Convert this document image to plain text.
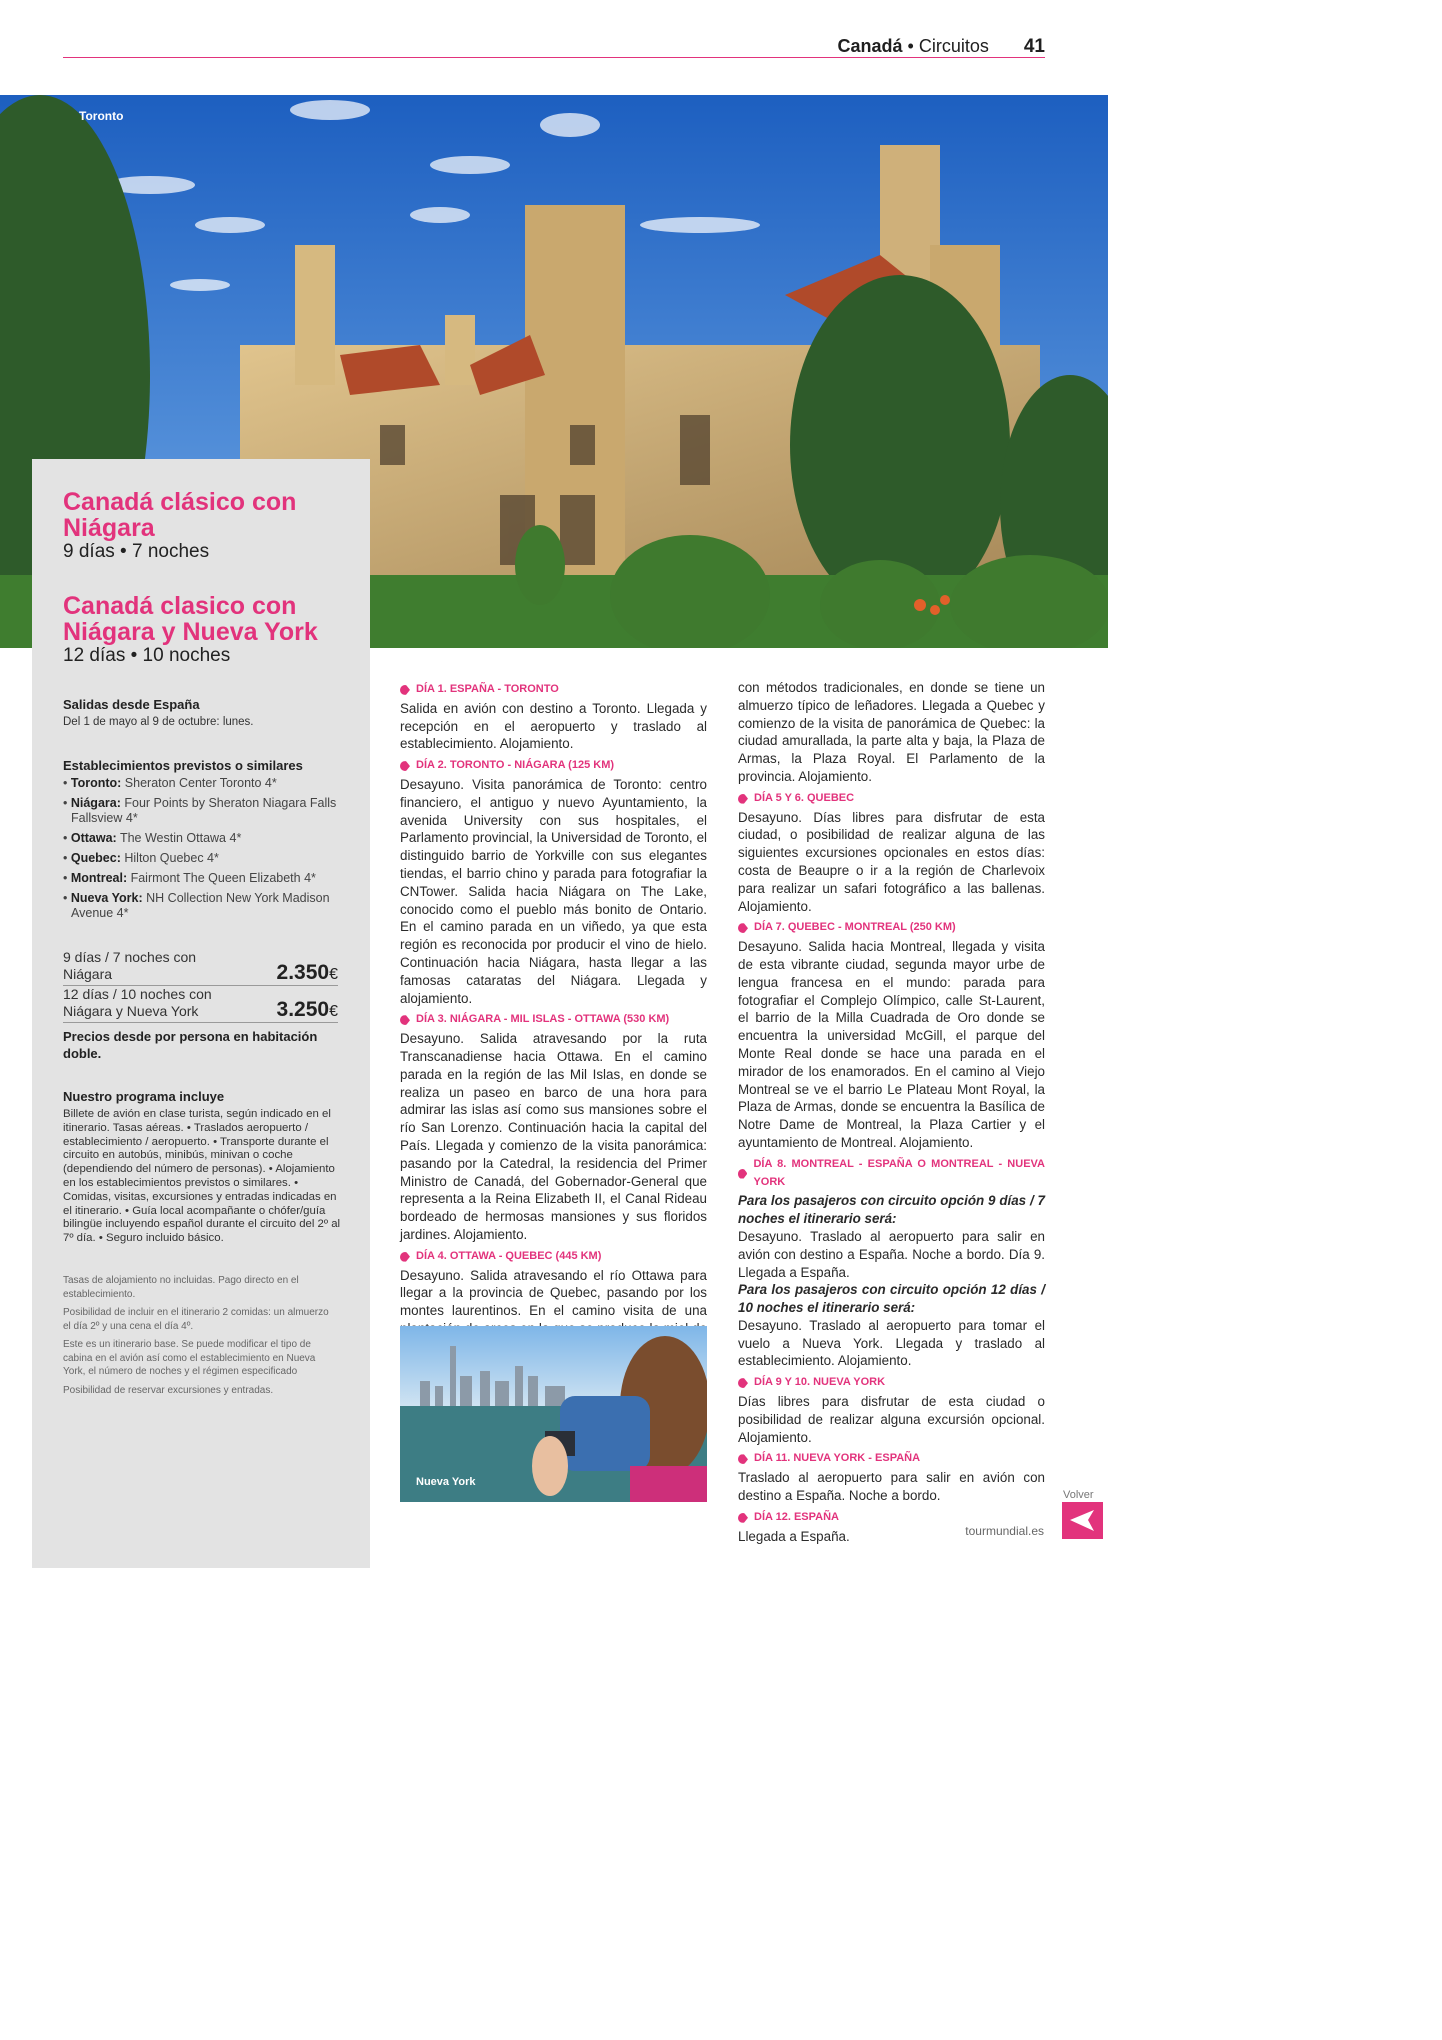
Canadá • Circuitos 41
Toronto

Canadá clásico con Niágara

9 días • 7 noches

Canadá clasico con Niágara y Nueva York

12 días • 10 noches

Salidas desde España

Del 1 de mayo al 9 de octubre: lunes.

Establecimientos previstos o similares

• Toronto: Sheraton Center Toronto 4*
• Niágara: Four Points by Sheraton Niagara Falls Fallsview 4*
• Ottawa: The Westin Ottawa 4*
• Quebec: Hilton Quebec 4*
• Montreal: Fairmont The Queen Elizabeth 4*
• Nueva York: NH Collection New York Madison Avenue 4*
9 días / 7 noches con Niágara	2.350€
12 días / 10 noches con Niágara y Nueva York	3.250€

Precios desde por persona en habitación doble.

Nuestro programa incluye

Billete de avión en clase turista, según indicado en el itinerario. Tasas aéreas. • Traslados aeropuerto / establecimiento / aeropuerto. • Transporte durante el circuito en autobús, minibús, minivan o coche (dependiendo del número de personas). • Alojamiento en los establecimientos previstos o similares. • Comidas, visitas, excursiones y entradas indicadas en el itinerario. • Guía local acompañante o chófer/guía bilingüe incluyendo español durante el circuito del 2º al 7º día. • Seguro incluido básico.

Tasas de alojamiento no incluidas. Pago directo en el establecimiento.

Posibilidad de incluir en el itinerario 2 comidas: un almuerzo el día 2º y una cena el día 4º.

Este es un itinerario base. Se puede modificar el tipo de cabina en el avión así como el establecimiento en Nueva York, el número de noches y el régimen especificado

Posibilidad de reservar excursiones y entradas.

DÍA 1. ESPAÑA - TORONTO

Salida en avión con destino a Toronto. Llegada y recepción en el aeropuerto y traslado al establecimiento. Alojamiento.

DÍA 2. TORONTO - NIÁGARA (125 KM)

Desayuno. Visita panorámica de Toronto: centro financiero, el antiguo y nuevo Ayuntamiento, la avenida University con sus hospitales, el Parlamento provincial, la Universidad de Toronto, el distinguido barrio de Yorkville con sus elegantes tiendas, el barrio chino y parada para fotografiar la CNTower. Salida hacia Niágara on The Lake, conocido como el pueblo más bonito de Ontario. En el camino parada en un viñedo, ya que esta región es reconocida por producir el vino de hielo. Continuación hacia Niágara, hasta llegar a las famosas cataratas del Niágara. Llegada y alojamiento.

DÍA 3. NIÁGARA - MIL ISLAS - OTTAWA (530 KM)

Desayuno. Salida atravesando por la ruta Transcanadiense hacia Ottawa. En el camino parada en la región de las Mil Islas, en donde se realiza un paseo en barco de una hora para admirar las islas así como sus mansiones sobre el río San Lorenzo. Continuación hacia la capital del País. Llegada y comienzo de la visita panorámica: pasando por la Catedral, la residencia del Primer Ministro de Canadá, del Gobernador-General que representa a la Reina Elizabeth II, el Canal Rideau bordeado de hermosas mansiones y sus floridos jardines. Alojamiento.

DÍA 4. OTTAWA - QUEBEC (445 KM)

Desayuno. Salida atravesando el río Ottawa para llegar a la provincia de Quebec, pasando por los montes laurentinos. En el camino visita de una

Nueva York

con métodos tradicionales, en donde se tiene un almuerzo típico de leñadores. Llegada a Quebec y comienzo de la visita de panorámica de Quebec: la ciudad amurallada, la parte alta y baja, la Plaza de Armas, la Plaza Royal. El Parlamento de la provincia. Alojamiento.

DÍA 5 Y 6. QUEBEC

Desayuno. Días libres para disfrutar de esta ciudad, o posibilidad de realizar alguna de las siguientes excursiones opcionales en estos días: costa de Beaupre o ir a la región de Charlevoix para realizar un safari fotográfico a las ballenas. Alojamiento.

DÍA 7. QUEBEC - MONTREAL (250 KM)

Desayuno. Salida hacia Montreal, llegada y visita de esta vibrante ciudad, segunda mayor urbe de lengua francesa en el mundo: parada para fotografiar el Complejo Olímpico, calle St-Laurent, el barrio de la Milla Cuadrada de Oro donde se encuentra la universidad McGill, el parque del Monte Real donde se hace una parada en el mirador de los enamorados. En el camino al Viejo Montreal se ve el barrio Le Plateau Mont Royal, la Plaza de Armas, donde se encuentra la Basílica de Notre Dame de Montreal, la Plaza Cartier y el ayuntamiento de Montreal. Alojamiento.

DÍA 8. MONTREAL - ESPAÑA O MONTREAL - NUEVA YORK

Para los pasajeros con circuito opción 9 días / 7 noches el itinerario será:

Desayuno. Traslado al aeropuerto para salir en avión con destino a España. Noche a bordo. Día 9. Llegada a España.

Para los pasajeros con circuito opción 12 días / 10 noches el itinerario será:

Desayuno. Traslado al aeropuerto para tomar el vuelo a Nueva York. Llegada y traslado al establecimiento. Alojamiento.

DÍA 9 Y 10. NUEVA YORK

Días libres para disfrutar de esta ciudad o posibilidad de realizar alguna excursión opcional. Alojamiento.

DÍA 11. NUEVA YORK - ESPAÑA

Traslado al aeropuerto para salir en avión con destino a España. Noche a bordo.

DÍA 12. ESPAÑA

Llegada a España.	tourmundial.es
Volver
